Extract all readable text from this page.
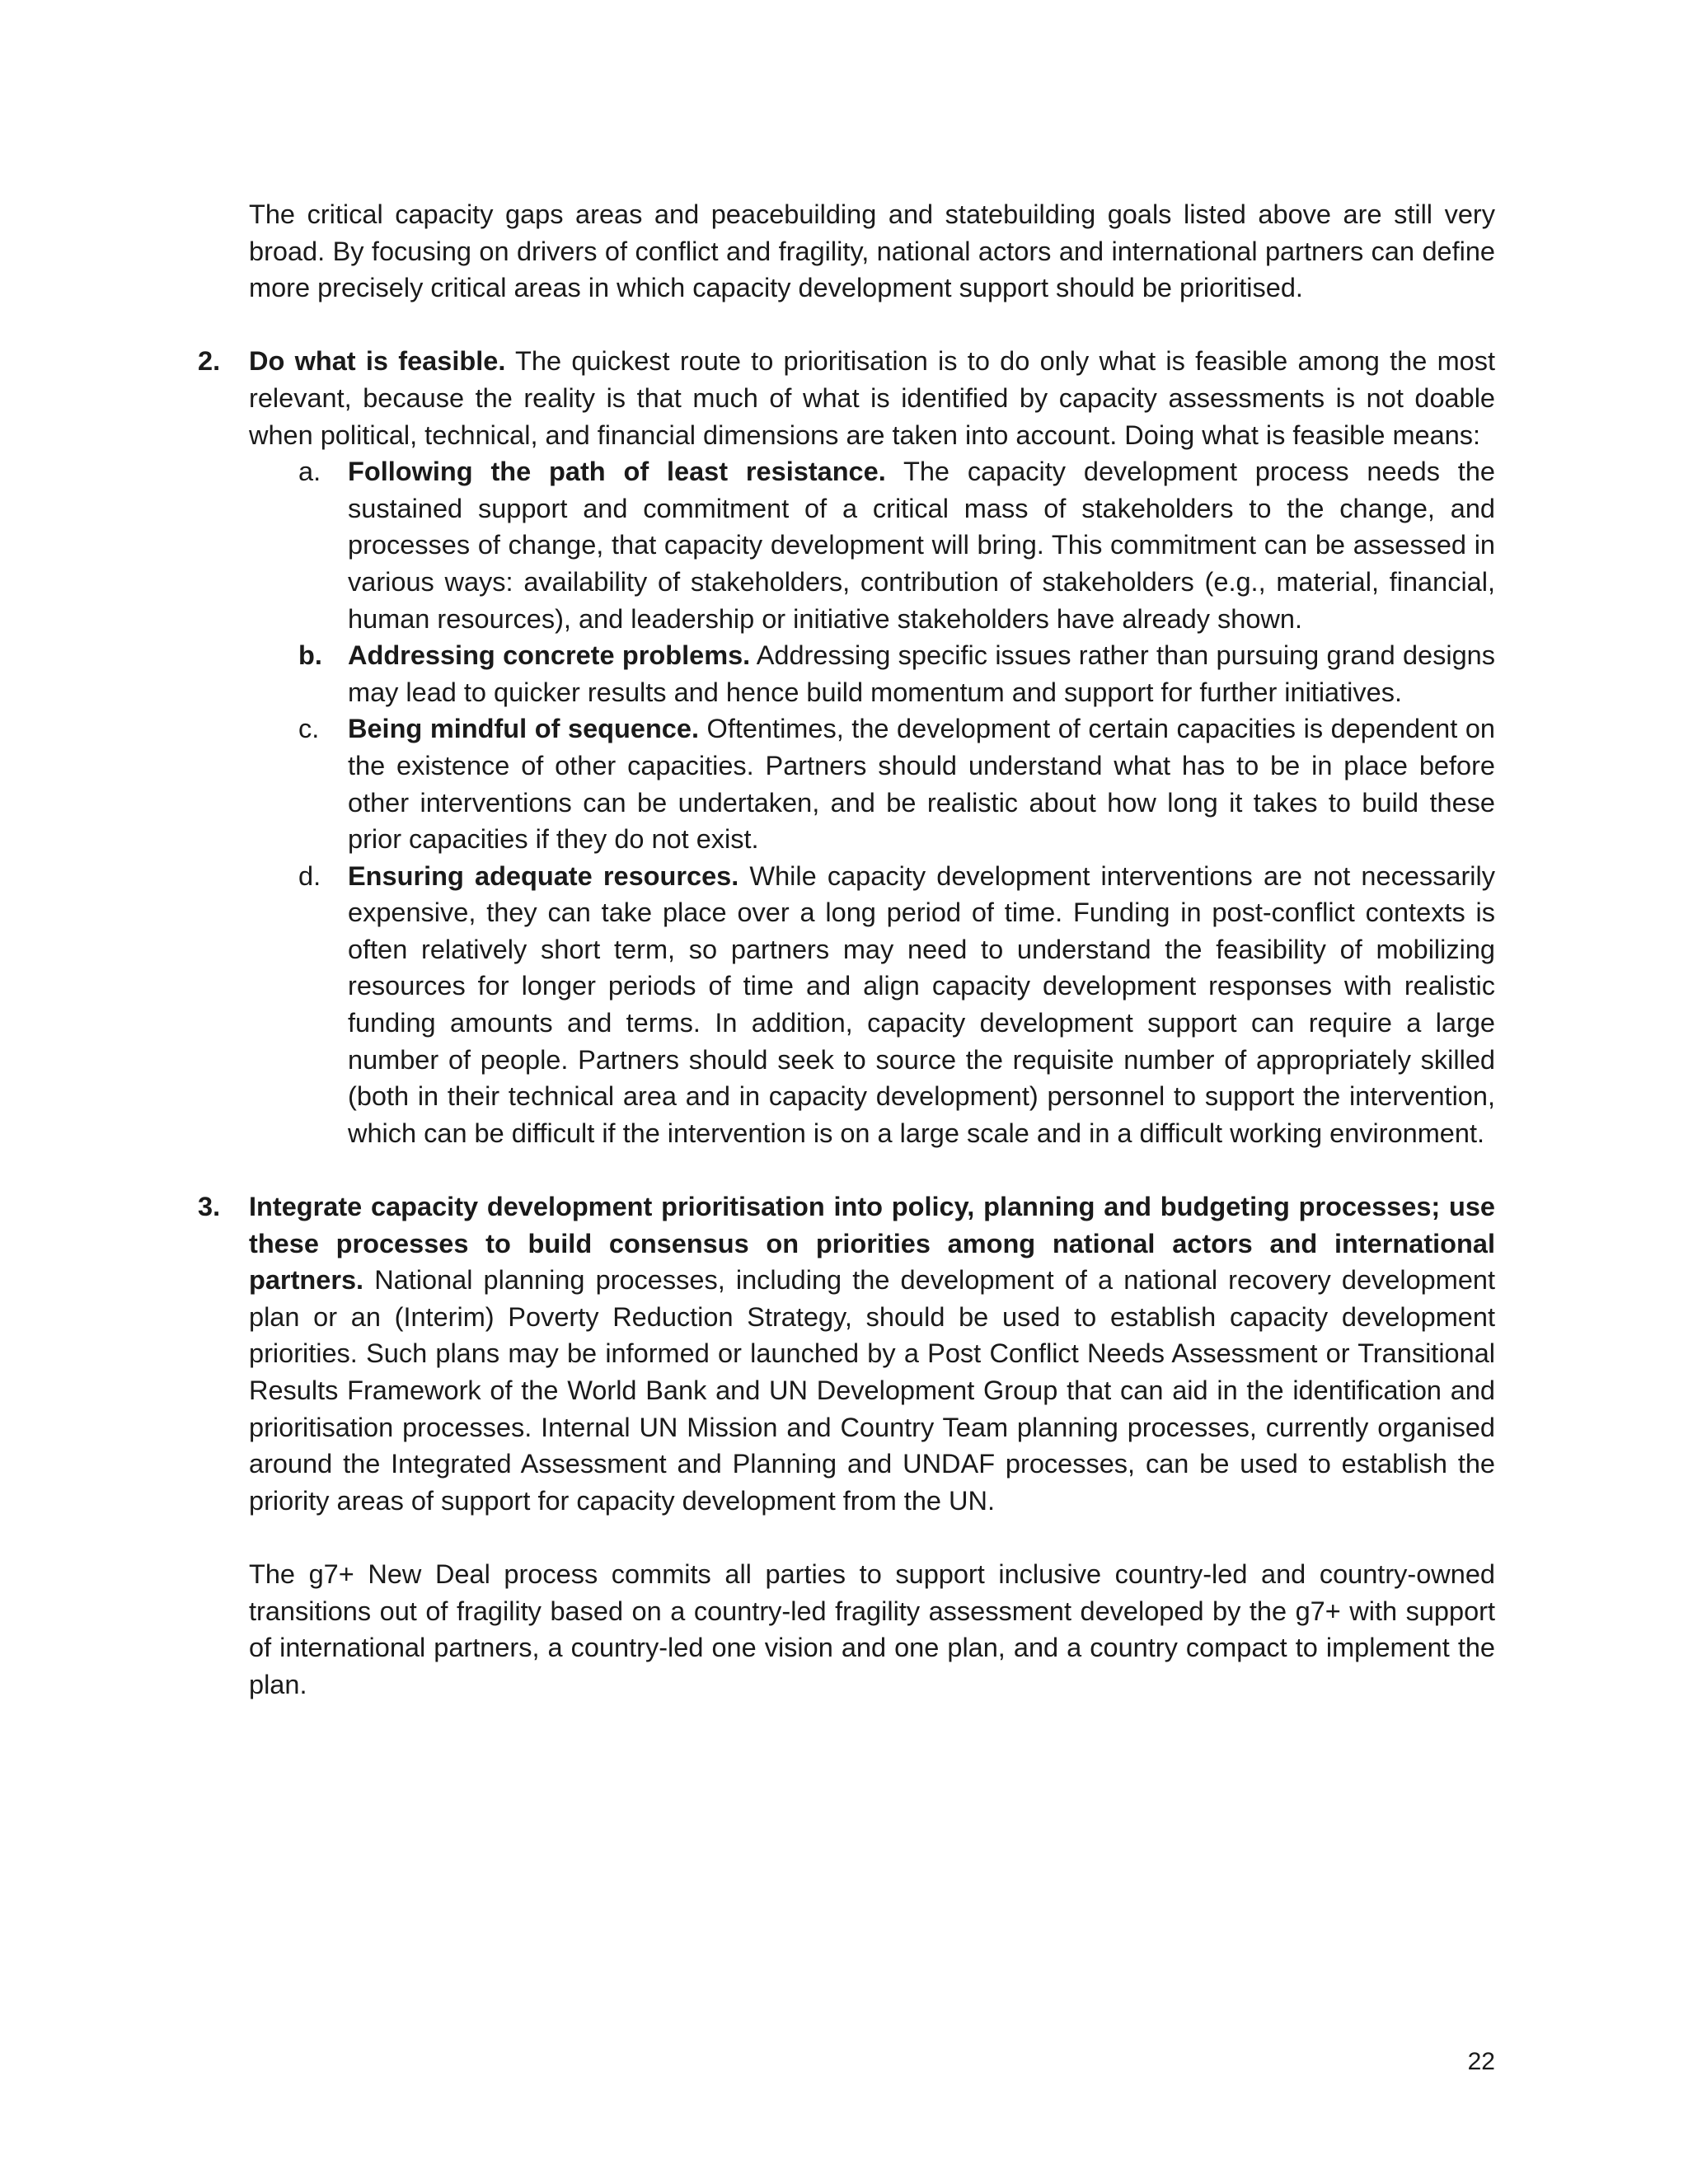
The critical capacity gaps areas and peacebuilding and statebuilding goals listed above are still very broad. By focusing on drivers of conflict and fragility, national actors and international partners can define more precisely critical areas in which capacity development support should be prioritised.

2. Do what is feasible. The quickest route to prioritisation is to do only what is feasible among the most relevant, because the reality is that much of what is identified by capacity assessments is not doable when political, technical, and financial dimensions are taken into account. Doing what is feasible means:

a. Following the path of least resistance. The capacity development process needs the sustained support and commitment of a critical mass of stakeholders to the change, and processes of change, that capacity development will bring. This commitment can be assessed in various ways: availability of stakeholders, contribution of stakeholders (e.g., material, financial, human resources), and leadership or initiative stakeholders have already shown.

b. Addressing concrete problems. Addressing specific issues rather than pursuing grand designs may lead to quicker results and hence build momentum and support for further initiatives.

c. Being mindful of sequence. Oftentimes, the development of certain capacities is dependent on the existence of other capacities. Partners should understand what has to be in place before other interventions can be undertaken, and be realistic about how long it takes to build these prior capacities if they do not exist.

d. Ensuring adequate resources. While capacity development interventions are not necessarily expensive, they can take place over a long period of time. Funding in post-conflict contexts is often relatively short term, so partners may need to understand the feasibility of mobilizing resources for longer periods of time and align capacity development responses with realistic funding amounts and terms. In addition, capacity development support can require a large number of people. Partners should seek to source the requisite number of appropriately skilled (both in their technical area and in capacity development) personnel to support the intervention, which can be difficult if the intervention is on a large scale and in a difficult working environment.

3. Integrate capacity development prioritisation into policy, planning and budgeting processes; use these processes to build consensus on priorities among national actors and international partners. National planning processes, including the development of a national recovery development plan or an (Interim) Poverty Reduction Strategy, should be used to establish capacity development priorities. Such plans may be informed or launched by a Post Conflict Needs Assessment or Transitional Results Framework of the World Bank and UN Development Group that can aid in the identification and prioritisation processes. Internal UN Mission and Country Team planning processes, currently organised around the Integrated Assessment and Planning and UNDAF processes, can be used to establish the priority areas of support for capacity development from the UN.

The g7+ New Deal process commits all parties to support inclusive country-led and country-owned transitions out of fragility based on a country-led fragility assessment developed by the g7+ with support of international partners, a country-led one vision and one plan, and a country compact to implement the plan.

22
